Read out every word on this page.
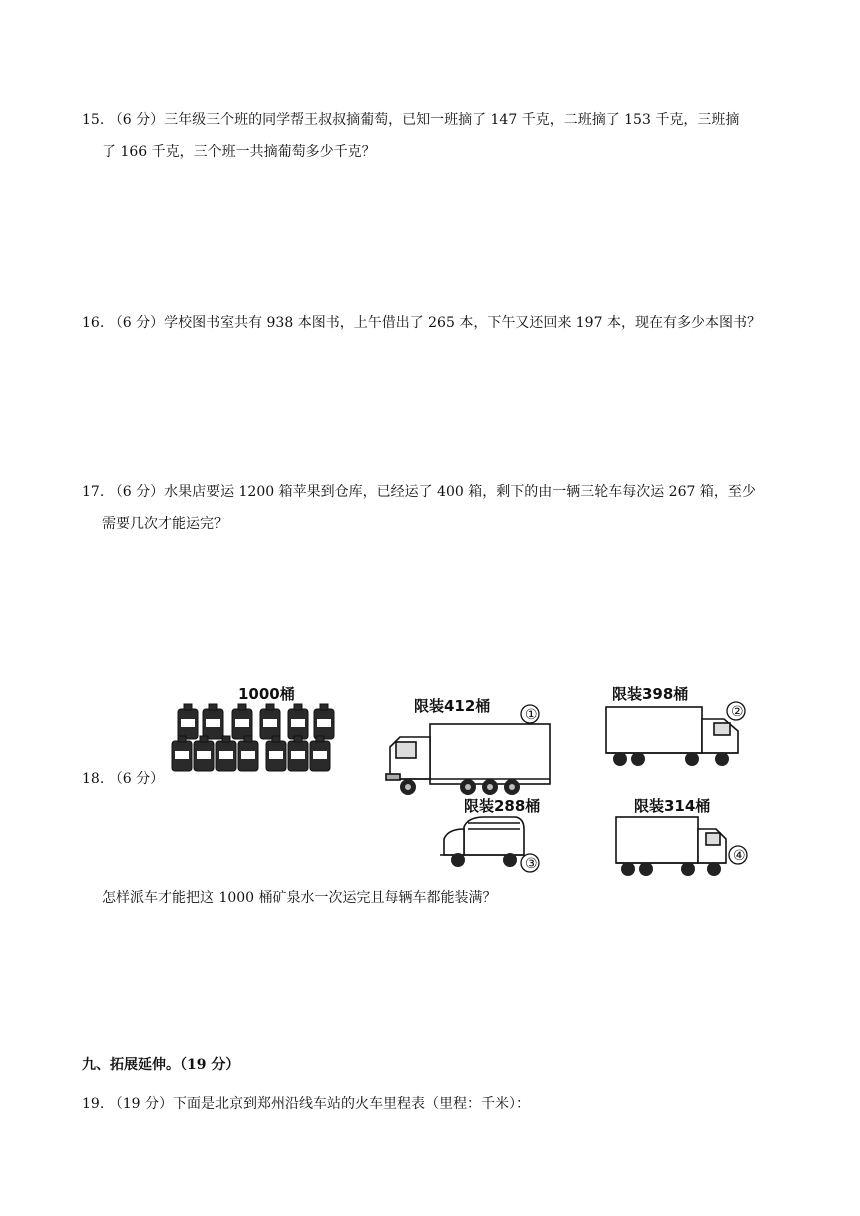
15. （6 分）三年级三个班的同学帮王叔叔摘葡萄，已知一班摘了 147 千克，二班摘了 153 千克，三班摘
了 166 千克，三个班一共摘葡萄多少千克？
16. （6 分）学校图书室共有 938 本图书，上午借出了 265 本，下午又还回来 197 本，现在有多少本图书？
17. （6 分）水果店要运 1200 箱苹果到仓库，已经运了 400 箱，剩下的由一辆三轮车每次运 267 箱，至少
需要几次才能运完？
18. （6 分）
1000桶
限装412桶 ①
限装398桶
②
限装288桶
③
限装314桶
④
怎样派车才能把这 1000 桶矿泉水一次运完且每辆车都能装满？
九、拓展延伸。（19 分）
19. （19 分）下面是北京到郑州沿线车站的火车里程表（里程：千米）：
